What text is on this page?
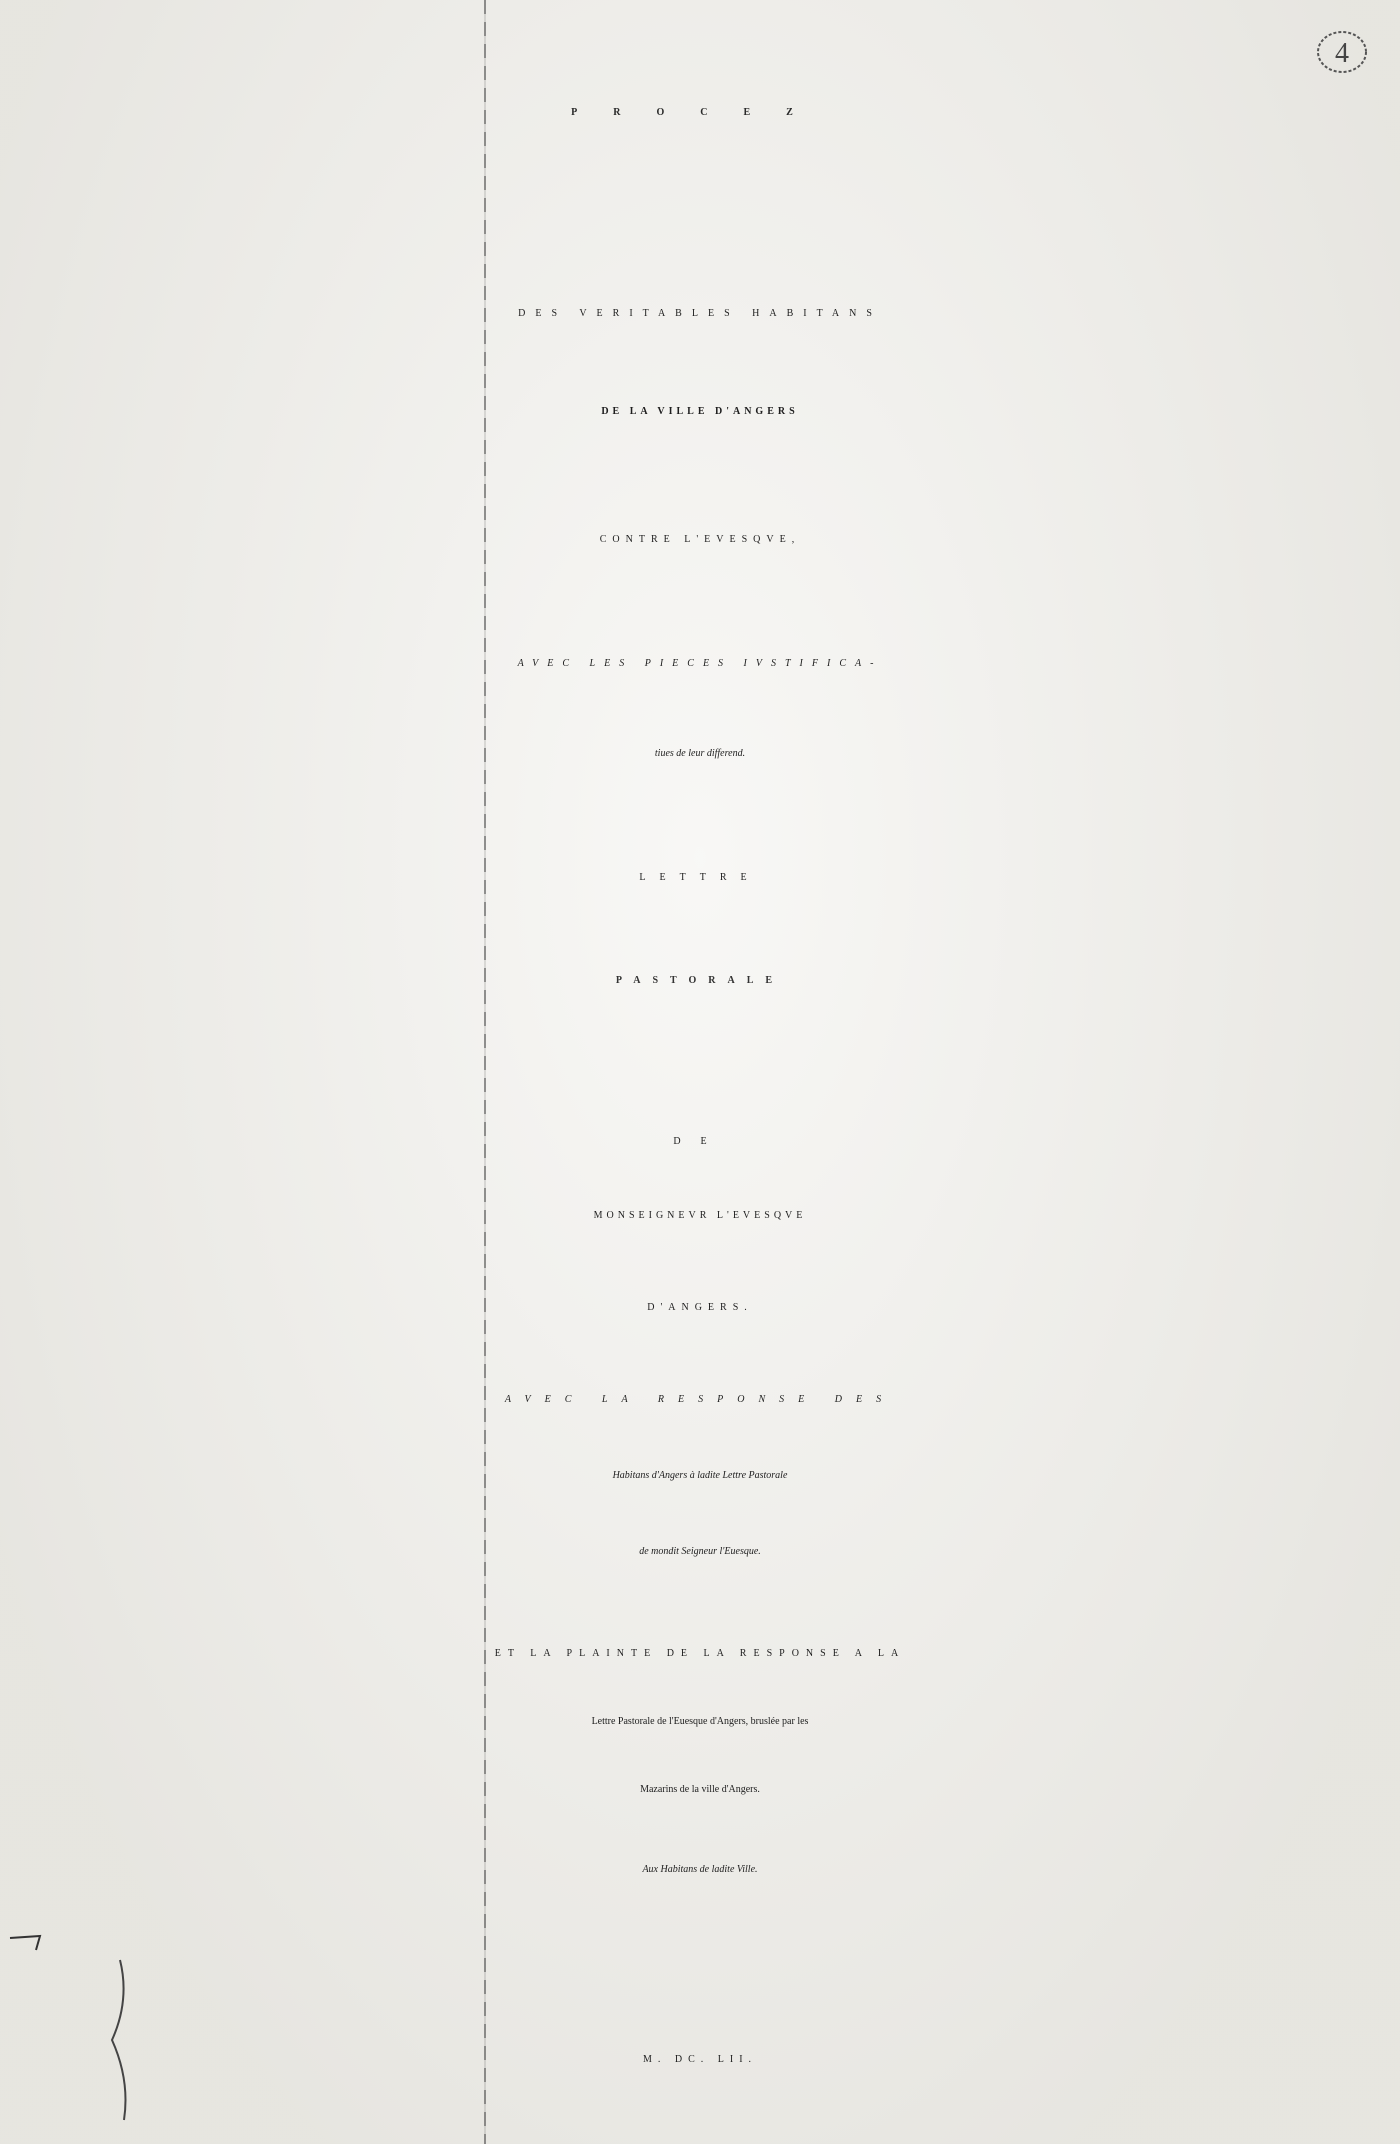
4
PROCEZ
DES VERITABLES HABITANS
DE LA VILLE D'ANGERS
CONTRE L'EVESQVE,
AVEC LES PIECES IVSTIFICA-
tiues de leur differend.
LETTRE
PASTORALE
DE
MONSEIGNEVR L'EVESQVE
D'ANGERS.
AVEC LA RESPONSE DES
Habitans d'Angers à ladite Lettre Pastorale
de mondit Seigneur l'Euesque.
ET LA PLAINTE DE LA RESPONSE A LA
Lettre Pastorale de l'Euesque d'Angers, bruslée par les
Mazarins de la ville d'Angers.
Aux Habitans de ladite Ville.
M. DC. LII.
